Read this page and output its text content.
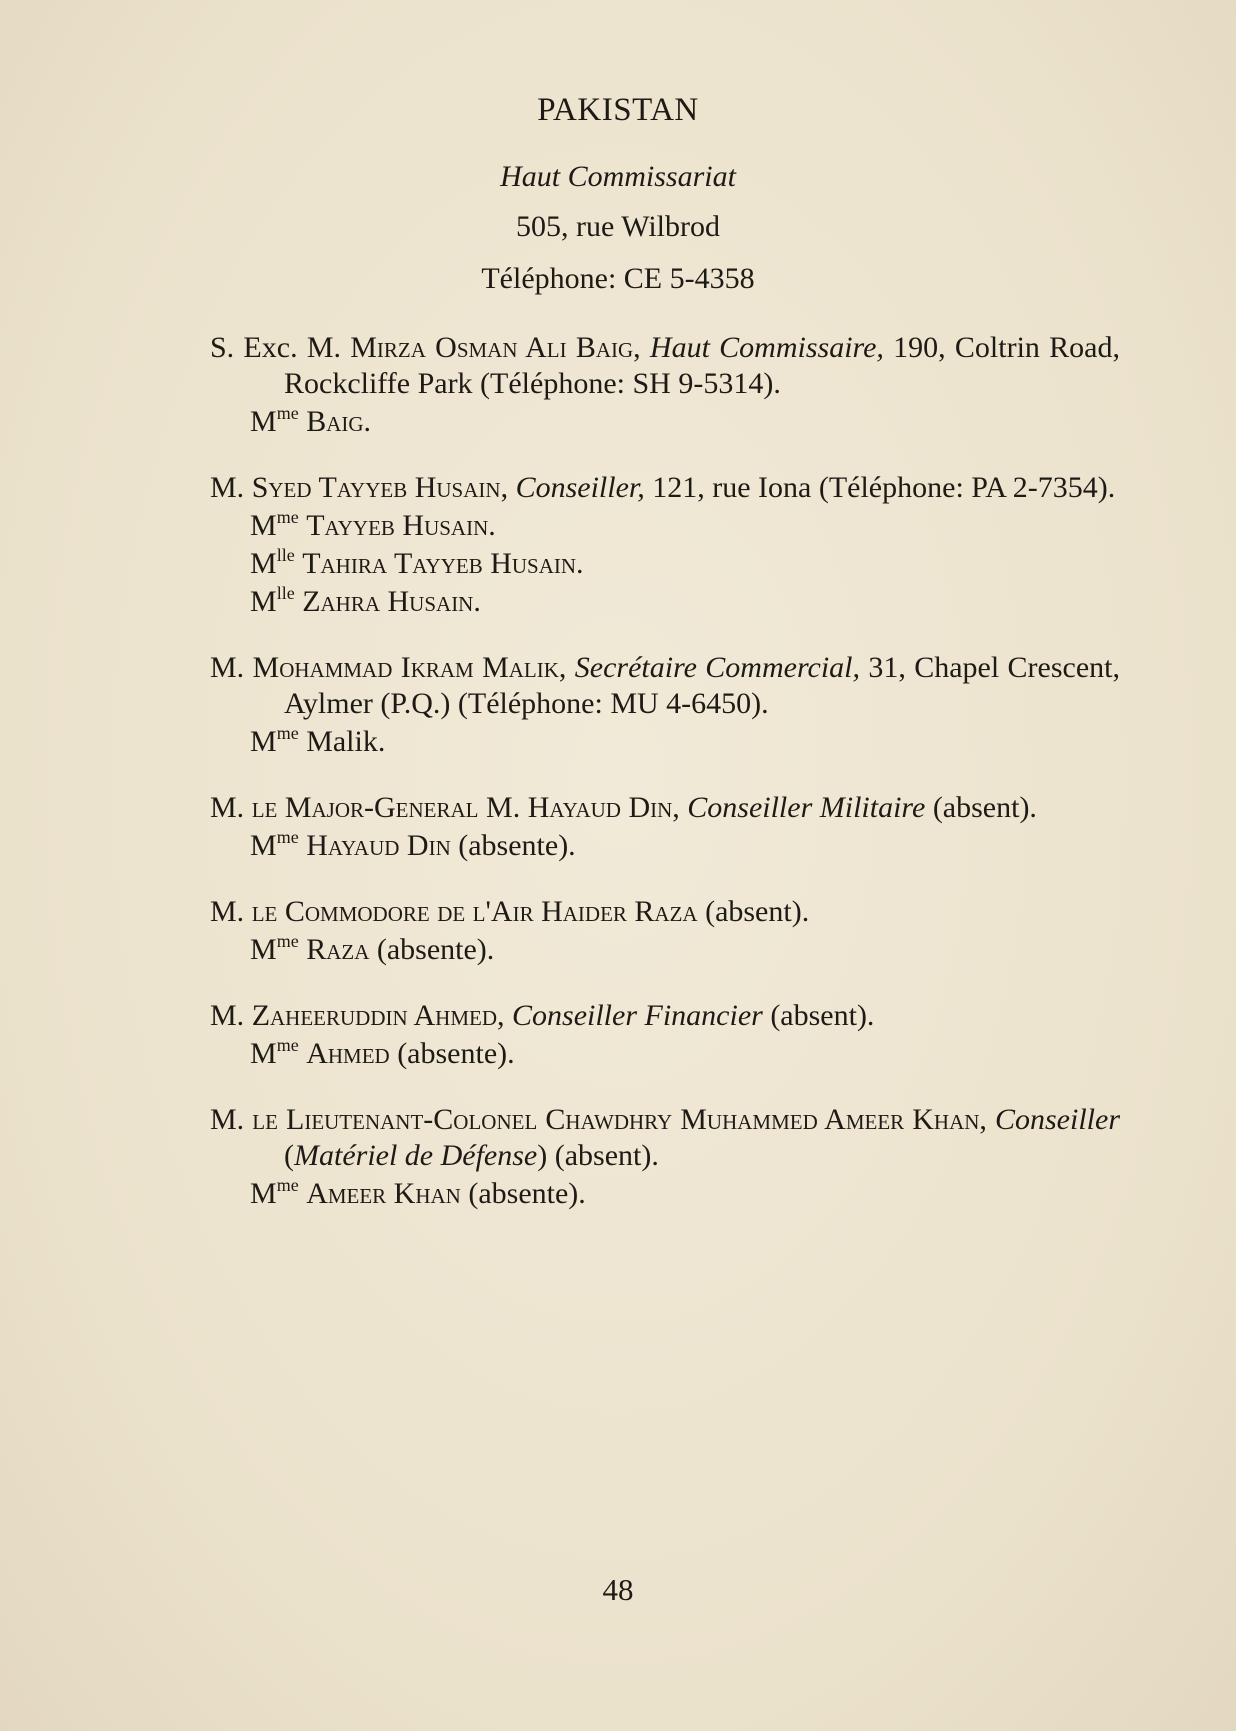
PAKISTAN
Haut Commissariat
505, rue Wilbrod
Téléphone: CE 5-4358
S. Exc. M. Mirza Osman Ali Baig, Haut Commissaire, 190, Coltrin Road, Rockcliffe Park (Téléphone: SH 9-5314).
$M^{me}$ Baig.
M. Syed Tayyeb Husain, Conseiller, 121, rue Iona (Téléphone: PA 2-7354).
$M^{me}$ Tayyeb Husain.
$M^{lle}$ Tahira Tayyeb Husain.
$M^{lle}$ Zahra Husain.
M. Mohammad Ikram Malik, Secrétaire Commercial, 31, Chapel Crescent, Aylmer (P.Q.) (Téléphone: MU 4-6450).
$M^{me}$ Malik.
M. le Major-General M. Hayaud Din, Conseiller Militaire (absent).
$M^{me}$ Hayaud Din (absente).
M. le Commodore de l'Air Haider Raza (absent).
$M^{me}$ Raza (absente).
M. Zaheeruddin Ahmed, Conseiller Financier (absent).
$M^{me}$ Ahmed (absente).
M. le Lieutenant-Colonel Chawdhry Muhammed Ameer Khan, Conseiller (Matériel de Défense) (absent).
$M^{me}$ Ameer Khan (absente).
48
